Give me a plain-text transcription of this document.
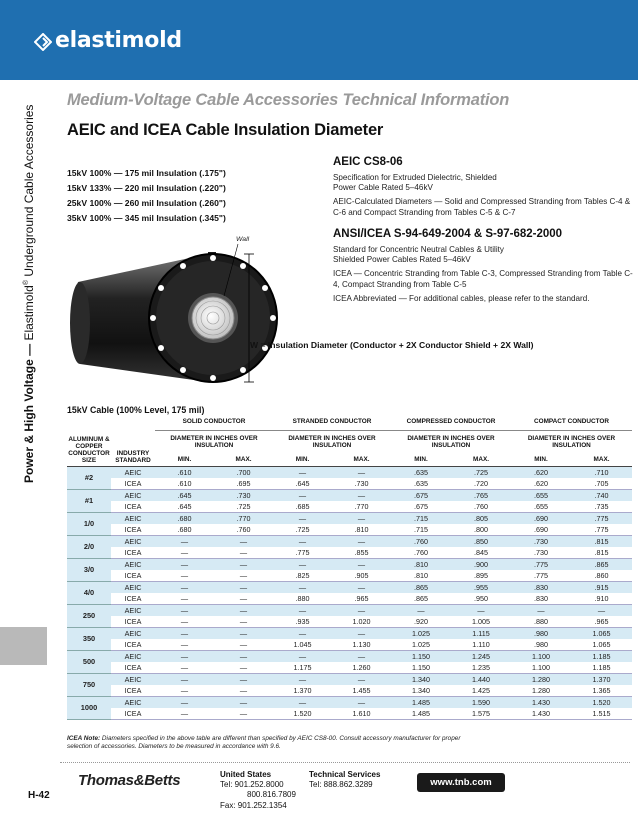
elastimold
Medium-Voltage Cable Accessories Technical Information
AEIC and ICEA Cable Insulation Diameter
Power & High Voltage — Elastimold® Underground Cable Accessories	15kV 100% — 175 mil Insulation (.175")
15kV 133% — 220 mil Insulation (.220")
25kV 100% — 260 mil Insulation (.260")
35kV 100% — 345 mil Insulation (.345")
AEIC CS8-06

Specification for Extruded Dielectric, Shielded Power Cable Rated 5–46kV

AEIC-Calculated Diameters — Solid and Compressed Stranding from Tables C-4 & C-6 and Compact Stranding from Tables C-5 & C-7

ANSI/ICEA S-94-649-2004 & S-97-682-2000

Standard for Concentric Neutral Cables & Utility Shielded Power Cables Rated 5–46kV

ICEA — Concentric Stranding from Table C-3, Compressed Stranding from Table C-4, Compact Stranding from Table C-5

ICEA Abbreviated — For additional cables, please refer to the standard.

Wall
W = Insulation Diameter (Conductor + 2X Conductor Shield + 2X Wall)
15kV Cable (100% Level, 175 mil)
		SOLID CONDUCTOR		STRANDED CONDUCTOR		COMPRESSED CONDUCTOR		COMPACT CONDUCTOR	
ALUMINUM & COPPER CONDUCTOR SIZE	INDUSTRY STANDARD	DIAMETER IN INCHES OVER INSULATION		DIAMETER IN INCHES OVER INSULATION		DIAMETER IN INCHES OVER INSULATION		DIAMETER IN INCHES OVER INSULATION	
		MIN.	MAX.	MIN.	MAX.	MIN.	MAX.	MIN.	MAX.
#2	AEIC	.610	.700	—	—	.635	.725	.620	.710
	ICEA	.610	.695	.645	.730	.635	.720	.620	.705
#1	AEIC	.645	.730	—	—	.675	.765	.655	.740
	ICEA	.645	.725	.685	.770	.675	.760	.655	.735
1/0	AEIC	.680	.770	—	—	.715	.805	.690	.775
	ICEA	.680	.760	.725	.810	.715	.800	.690	.775
2/0	AEIC	—	—	—	—	.760	.850	.730	.815
	ICEA	—	—	.775	.855	.760	.845	.730	.815
3/0	AEIC	—	—	—	—	.810	.900	.775	.865
	ICEA	—	—	.825	.905	.810	.895	.775	.860
4/0	AEIC	—	—	—	—	.865	.955	.830	.915
	ICEA	—	—	.880	.965	.865	.950	.830	.910
250	AEIC	—	—	—	—	—	—	—	—
	ICEA	—	—	.935	1.020	.920	1.005	.880	.965
350	AEIC	—	—	—	—	1.025	1.115	.980	1.065
	ICEA	—	—	1.045	1.130	1.025	1.110	.980	1.065
500	AEIC	—	—	—	—	1.150	1.245	1.100	1.185
	ICEA	—	—	1.175	1.260	1.150	1.235	1.100	1.185
750	AEIC	—	—	—	—	1.340	1.440	1.280	1.370
	ICEA	—	—	1.370	1.455	1.340	1.425	1.280	1.365
1000	AEIC	—	—	—	—	1.485	1.590	1.430	1.520
	ICEA	—	—	1.520	1.610	1.485	1.575	1.430	1.515
ICEA Note: Diameters specified in the above table are different than specified by AEIC CS8-00. Consult accessory manufacturer for proper selection of accessories. Diameters to be measured in accordance with 9.6.
Thomas&Betts
H-42
United States
Tel: 901.252.8000
800.816.7809
Fax: 901.252.1354
Technical Services
Tel: 888.862.3289	www.tnb.com
